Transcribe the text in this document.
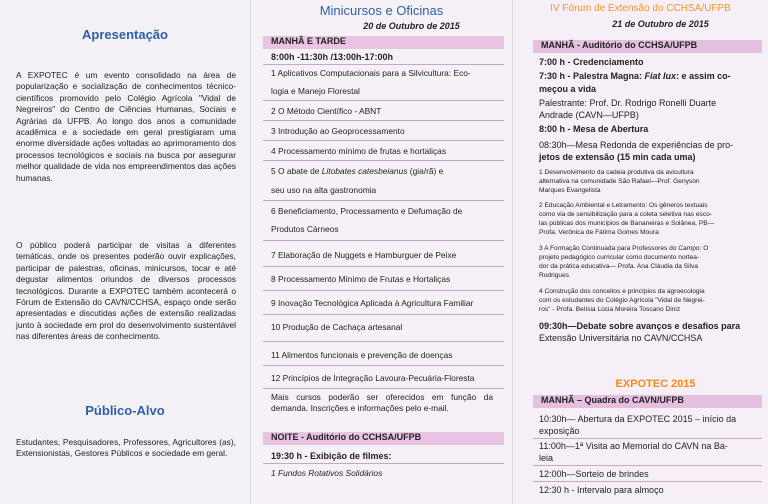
Apresentação

A EXPOTEC é um evento consolidado na área de popularização e socialização de conhecimentos técnico-científicos promovido pelo Colégio Agrícola "Vidal de Negreiros" do Centro de Ciências Humanas, Sociais e Agrárias da UFPB. Ao longo dos anos a comunidade acadêmica e a sociedade em geral prestigiaram uma enorme diversidade ações voltadas ao aprimoramento dos processos tecnológicos e sociais na busca por assegurar melhor qualidade de vida nos empreendimentos das ações humanas.

O público poderá participar de visitas a diferentes temáticas, onde os presentes poderão ouvir explicações, participar de palestras, oficinas, minicursos, tocar e até degustar alimentos oriundos de diversos processos tecnológicos. Durante a EXPOTEC também acontecerá o Fórum de Extensão do CAVN/CCHSA, espaço onde serão apresentadas e discutidas ações de extensão realizadas junto à sociedade em prol do desenvolvimento sustentável nas diferentes áreas de conhecimento.

Público-Alvo

Estudantes, Pesquisadores, Professores, Agricultores (as), Extensionistas, Gestores Públicos e sociedade em geral.

Minicursos e Oficinas
20 de Outubro de 2015
MANHÃ E TARDE
8:00h -11:30h /13:00h-17:00h
1 Aplicativos Computacionais para a Silvicultura: Eco-
logia e Manejo Florestal
2 O Método Científico - ABNT
3 Introdução ao Geoprocessamento
4 Processamento mínimo de frutas e hortaliças
5 O abate de Litobates catesbeianus (gia/rã) e
seu uso na alta gastronomia
6 Beneficiamento, Processamento e Defumação de
Produtos Cárneos
7 Elaboração de Nuggets e Hamburguer de Peixe
8 Processamento Mínimo de Frutas e Hortaliças
9 Inovação Tecnológica Aplicada à Agricultura Familiar
10 Produção de Cachaça artesanal
11 Alimentos funcionais e prevenção de doenças
12 Princípios de Integração Lavoura-Pecuária-Floresta
Mais cursos poderão ser oferecidos em função da demanda. Inscrições e informações pelo e-mail.
NOITE - Auditório do CCHSA/UFPB
19:30 h - Exibição de filmes:
1 Fundos Rotativos Solidários
IV Fórum de Extensão do CCHSA/UFPB
21 de Outubro de 2015
MANHÃ - Auditório do CCHSA/UFPB
7:00 h - Credenciamento
7:30 h - Palestra Magna: Fiat lux: e assim co-
meçou a vida
Palestrante: Prof. Dr. Rodrigo Ronelli Duarte
Andrade (CAVN—UFPB)
8:00 h - Mesa de Abertura
08:30h—Mesa Redonda de experiências de pro-
jetos de extensão (15 min cada uma)
1 Desenvolvimento da cadeia produtiva da avicultura
alternativa na comunidade São Rafael—Prof. Genyson
Marques Evangelista
2 Educação Ambiental e Letramento: Os gêneros textuais
como via de sensibilização para a coleta seletiva nas esco-
las públicas dos municípios de Bananeiras e Solânea, PB—
Profa. Verônica de Fátima Gomes Moura
3 A Formação Continuada para Professores do Campo: O
projeto pedagógico curricular como documento nortea-
dor da prática educativa— Profa. Ana Cláudia da Silva
Rodrigues
4 Construção dos conceitos e princípios da agroecologia
com os estudantes do Colégio Agrícola "Vidal de Negrei-
ros" - Profa. Belísia Lúcia Moreira Toscano Diniz
09:30h—Debate sobre avanços e desafios para
Extensão Universitária no CAVN/CCHSA
EXPOTEC 2015
MANHÃ – Quadra do CAVN/UFPB
10:30h— Abertura da EXPOTEC 2015 – início da
exposição
11:00h—1ª Visita ao Memorial do CAVN na Ba-
leia
12:00h—Sorteio de brindes
12:30 h - Intervalo para almoço
